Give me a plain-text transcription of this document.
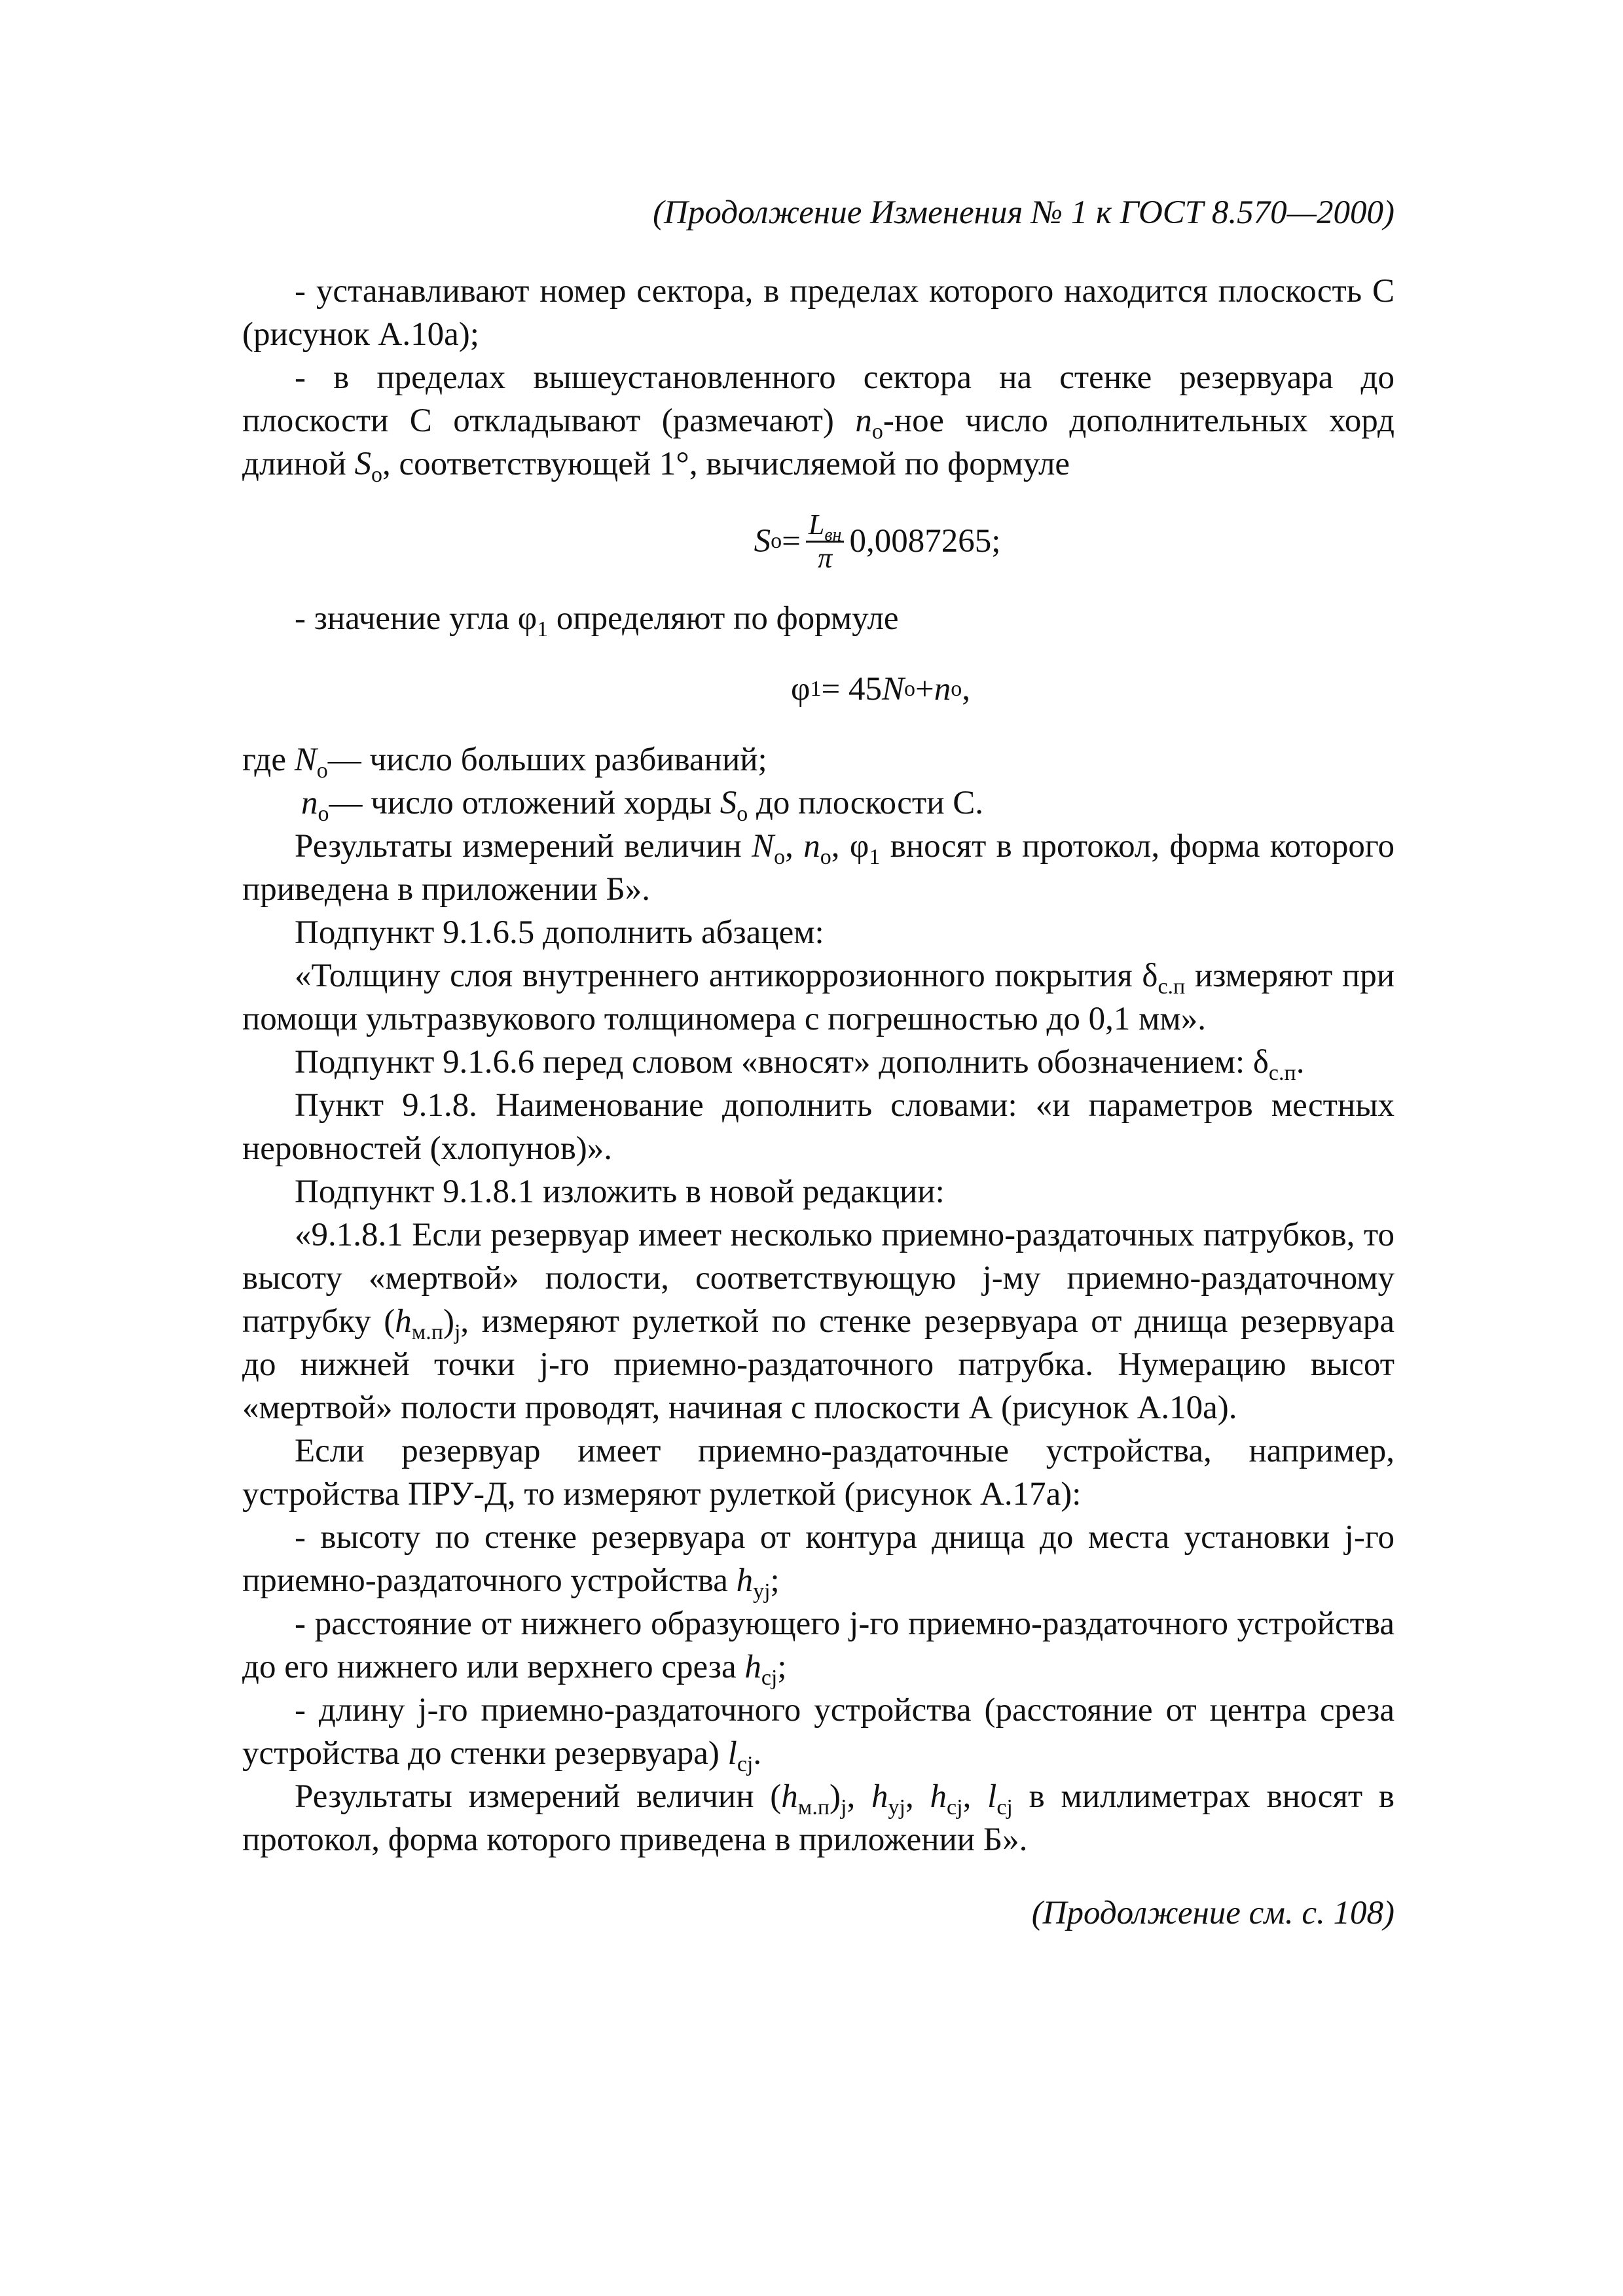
(Продолжение Изменения № 1 к ГОСТ 8.570—2000)

- устанавливают номер сектора, в пределах которого находится плоскость С (рисунок А.10а);

- в пределах вышеустановленного сектора на стенке резервуара до плоскости С откладывают (размечают) $n_o$-ное число дополнительных хорд длиной $S_o$, соответствующей 1°, вычисляемой по формуле

S $o = \frac{L_{вн}}{\pi} 0,0087265$;

- значение угла $\varphi_1$ определяют по формуле

φ 1 = 45 N o + n o ,

где $N_o—$ число больших разбиваний;

$n_o—$ число отложений хорды $S_o$ до плоскости С.

Результаты измерений величин $N_o$, $n_o$, $\varphi_1$ вносят в протокол, форма которого приведена в приложении Б».

Подпункт 9.1.6.5 дополнить абзацем:

«Толщину слоя внутреннего антикоррозионного покрытия $\delta_{с.п}$ измеряют при помощи ультразвукового толщиномера с погрешностью до 0,1 мм».

Подпункт 9.1.6.6 перед словом «вносят» дополнить обозначением: $\delta_{с.п}$.

Пункт 9.1.8. Наименование дополнить словами: «и параметров местных неровностей (хлопунов)».

Подпункт 9.1.8.1 изложить в новой редакции:

«9.1.8.1 Если резервуар имеет несколько приемно-раздаточных патрубков, то высоту «мертвой» полости, соответствующую j-му приемно-раздаточному патрубку $(h_{м.п})_j$, измеряют рулеткой по стенке резервуара от днища резервуара до нижней точки j-го приемно-раздаточного патрубка. Нумерацию высот «мертвой» полости проводят, начиная с плоскости А (рисунок А.10а).

Если резервуар имеет приемно-раздаточные устройства, например, устройства ПРУ-Д, то измеряют рулеткой (рисунок А.17а):

- высоту по стенке резервуара от контура днища до места установки j-го приемно-раздаточного устройства $h_{уj}$;

- расстояние от нижнего образующего j-го приемно-раздаточного устройства до его нижнего или верхнего среза $h_{cj}$;

- длину j-го приемно-раздаточного устройства (расстояние от центра среза устройства до стенки резервуара) $l_{cj}$.

Результаты измерений величин $(h_{м.п})_j$, $h_{уj}$, $h_{cj}$, $l_{cj}$ в миллиметрах вносят в протокол, форма которого приведена в приложении Б».

(Продолжение см. с. 108)
